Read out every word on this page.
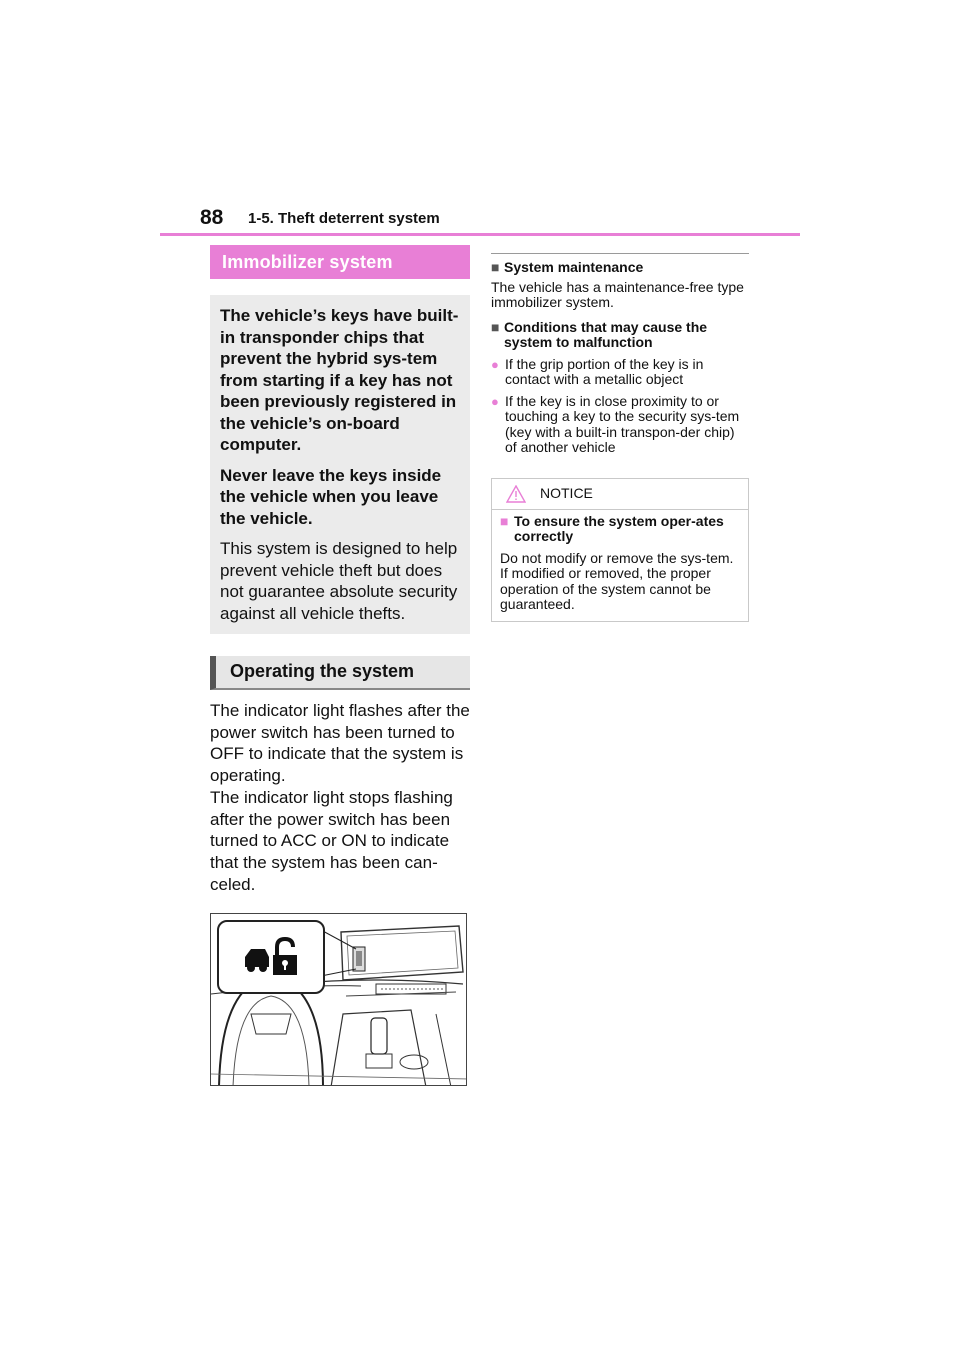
88 1-5. Theft deterrent system
Immobilizer system

The vehicle’s keys have built-in transponder chips that prevent the hybrid sys-tem from starting if a key has not been previously registered in the vehicle’s on-board computer.

Never leave the keys inside the vehicle when you leave the vehicle.

This system is designed to help prevent vehicle theft but does not guarantee absolute security against all vehicle thefts.

Operating the system

The indicator light flashes after the power switch has been turned to OFF to indicate that the system is operating.

The indicator light stops flashing after the power switch has been turned to ACC or ON to indicate that the system has been can-celed.

■ System maintenance

The vehicle has a maintenance-free type immobilizer system.

■ Conditions that may cause the system to malfunction
● If the grip portion of the key is in contact with a metallic object
● If the key is in close proximity to or touching a key to the security sys-tem (key with a built-in transpon-der chip) of another vehicle
NOTICE
■ To ensure the system oper-ates correctly

Do not modify or remove the sys-tem. If modified or removed, the proper operation of the system cannot be guaranteed.
